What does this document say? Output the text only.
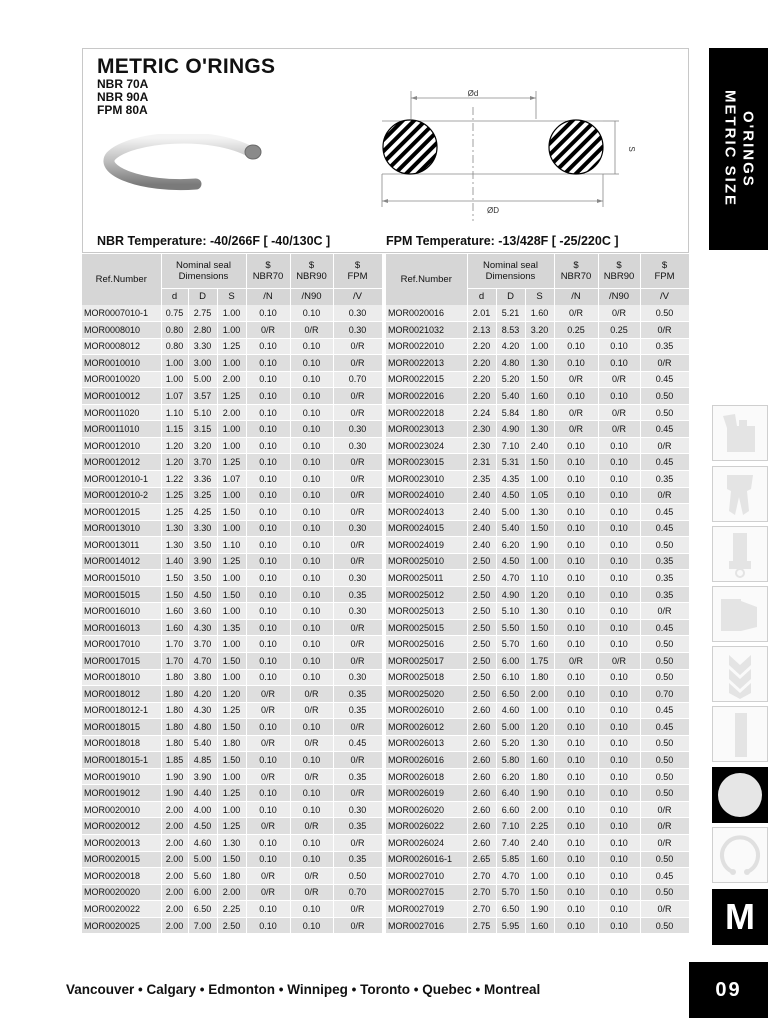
METRIC O'RINGS
NBR 70A
NBR 90A
FPM 80A
Ød
S
ØD
NBR Temperature: -40/266F [ -40/130C ]	FPM Temperature: -13/428F [ -25/220C ]
Ref.Number	Nominal seal Dimensions			$
NBR70	$
NBR90	$
FPM
	d	D	S	/N	/N90	/V
MOR0007010-1	0.75	2.75	1.00	0.10	0.10	0.30
MOR0008010	0.80	2.80	1.00	0/R	0/R	0.30
MOR0008012	0.80	3.30	1.25	0.10	0.10	0/R
MOR0010010	1.00	3.00	1.00	0.10	0.10	0/R
MOR0010020	1.00	5.00	2.00	0.10	0.10	0.70
MOR0010012	1.07	3.57	1.25	0.10	0.10	0/R
MOR0011020	1.10	5.10	2.00	0.10	0.10	0/R
MOR0011010	1.15	3.15	1.00	0.10	0.10	0.30
MOR0012010	1.20	3.20	1.00	0.10	0.10	0.30
MOR0012012	1.20	3.70	1.25	0.10	0.10	0/R
MOR0012010-1	1.22	3.36	1.07	0.10	0.10	0/R
MOR0012010-2	1.25	3.25	1.00	0.10	0.10	0/R
MOR0012015	1.25	4.25	1.50	0.10	0.10	0/R
MOR0013010	1.30	3.30	1.00	0.10	0.10	0.30
MOR0013011	1.30	3.50	1.10	0.10	0.10	0/R
MOR0014012	1.40	3.90	1.25	0.10	0.10	0/R
MOR0015010	1.50	3.50	1.00	0.10	0.10	0.30
MOR0015015	1.50	4.50	1.50	0.10	0.10	0.35
MOR0016010	1.60	3.60	1.00	0.10	0.10	0.30
MOR0016013	1.60	4.30	1.35	0.10	0.10	0/R
MOR0017010	1.70	3.70	1.00	0.10	0.10	0/R
MOR0017015	1.70	4.70	1.50	0.10	0.10	0/R
MOR0018010	1.80	3.80	1.00	0.10	0.10	0.30
MOR0018012	1.80	4.20	1.20	0/R	0/R	0.35
MOR0018012-1	1.80	4.30	1.25	0/R	0/R	0.35
MOR0018015	1.80	4.80	1.50	0.10	0.10	0/R
MOR0018018	1.80	5.40	1.80	0/R	0/R	0.45
MOR0018015-1	1.85	4.85	1.50	0.10	0.10	0/R
MOR0019010	1.90	3.90	1.00	0/R	0/R	0.35
MOR0019012	1.90	4.40	1.25	0.10	0.10	0/R
MOR0020010	2.00	4.00	1.00	0.10	0.10	0.30
MOR0020012	2.00	4.50	1.25	0/R	0/R	0.35
MOR0020013	2.00	4.60	1.30	0.10	0.10	0/R
MOR0020015	2.00	5.00	1.50	0.10	0.10	0.35
MOR0020018	2.00	5.60	1.80	0/R	0/R	0.50
MOR0020020	2.00	6.00	2.00	0/R	0/R	0.70
MOR0020022	2.00	6.50	2.25	0.10	0.10	0/R
MOR0020025	2.00	7.00	2.50	0.10	0.10	0/R
Ref.Number	Nominal seal Dimensions			$
NBR70	$
NBR90	$
FPM
	d	D	S	/N	/N90	/V
MOR0020016	2.01	5.21	1.60	0/R	0/R	0.50
MOR0021032	2.13	8.53	3.20	0.25	0.25	0/R
MOR0022010	2.20	4.20	1.00	0.10	0.10	0.35
MOR0022013	2.20	4.80	1.30	0.10	0.10	0/R
MOR0022015	2.20	5.20	1.50	0/R	0/R	0.45
MOR0022016	2.20	5.40	1.60	0.10	0.10	0.50
MOR0022018	2.24	5.84	1.80	0/R	0/R	0.50
MOR0023013	2.30	4.90	1.30	0/R	0/R	0.45
MOR0023024	2.30	7.10	2.40	0.10	0.10	0/R
MOR0023015	2.31	5.31	1.50	0.10	0.10	0.45
MOR0023010	2.35	4.35	1.00	0.10	0.10	0.35
MOR0024010	2.40	4.50	1.05	0.10	0.10	0/R
MOR0024013	2.40	5.00	1.30	0.10	0.10	0.45
MOR0024015	2.40	5.40	1.50	0.10	0.10	0.45
MOR0024019	2.40	6.20	1.90	0.10	0.10	0.50
MOR0025010	2.50	4.50	1.00	0.10	0.10	0.35
MOR0025011	2.50	4.70	1.10	0.10	0.10	0.35
MOR0025012	2.50	4.90	1.20	0.10	0.10	0.35
MOR0025013	2.50	5.10	1.30	0.10	0.10	0/R
MOR0025015	2.50	5.50	1.50	0.10	0.10	0.45
MOR0025016	2.50	5.70	1.60	0.10	0.10	0.50
MOR0025017	2.50	6.00	1.75	0/R	0/R	0.50
MOR0025018	2.50	6.10	1.80	0.10	0.10	0.50
MOR0025020	2.50	6.50	2.00	0.10	0.10	0.70
MOR0026010	2.60	4.60	1.00	0.10	0.10	0.45
MOR0026012	2.60	5.00	1.20	0.10	0.10	0.45
MOR0026013	2.60	5.20	1.30	0.10	0.10	0.50
MOR0026016	2.60	5.80	1.60	0.10	0.10	0.50
MOR0026018	2.60	6.20	1.80	0.10	0.10	0.50
MOR0026019	2.60	6.40	1.90	0.10	0.10	0.50
MOR0026020	2.60	6.60	2.00	0.10	0.10	0/R
MOR0026022	2.60	7.10	2.25	0.10	0.10	0/R
MOR0026024	2.60	7.40	2.40	0.10	0.10	0/R
MOR0026016-1	2.65	5.85	1.60	0.10	0.10	0.50
MOR0027010	2.70	4.70	1.00	0.10	0.10	0.45
MOR0027015	2.70	5.70	1.50	0.10	0.10	0.50
MOR0027019	2.70	6.50	1.90	0.10	0.10	0/R
MOR0027016	2.75	5.95	1.60	0.10	0.10	0.50
METRIC SIZE O'RINGS
M
Vancouver • Calgary • Edmonton • Winnipeg • Toronto • Quebec • Montreal	09
